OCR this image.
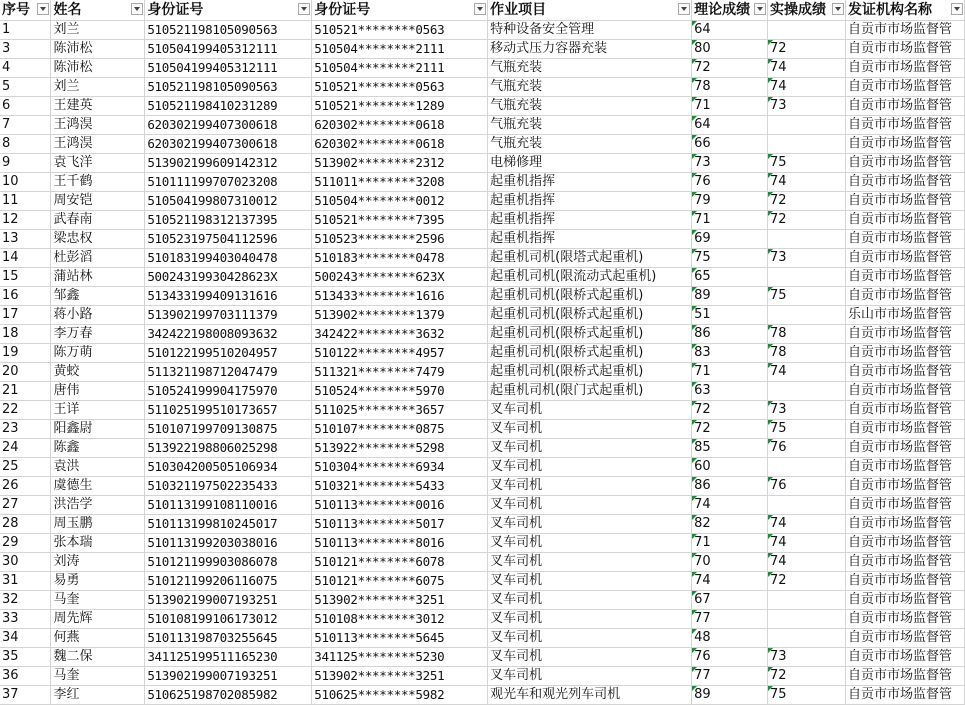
序号	姓名	身份证号	身份证号	作业项目	理论成绩	实操成绩	发证机构名称

1	刘兰	510521198105090563	510521********0563	特种设备安全管理	64		自贡市市场监督管
3	陈沛松	510504199405312111	510504********2111	移动式压力容器充装	80	72	自贡市市场监督管
4	陈沛松	510504199405312111	510504********2111	气瓶充装	72	74	自贡市市场监督管
5	刘兰	510521198105090563	510521********0563	气瓶充装	78	74	自贡市市场监督管
6	王建英	510521198410231289	510521********1289	气瓶充装	71	73	自贡市市场监督管
7	王鸿淏	620302199407300618	620302********0618	气瓶充装	64		自贡市市场监督管
8	王鸿淏	620302199407300618	620302********0618	气瓶充装	66		自贡市市场监督管
9	袁飞洋	513902199609142312	513902********2312	电梯修理	73	75	自贡市市场监督管
10	王千鹤	510111199707023208	511011********3208	起重机指挥	76	74	自贡市市场监督管
11	周安铠	510504199807310012	510504********0012	起重机指挥	79	72	自贡市市场监督管
12	武春南	510521198312137395	510521********7395	起重机指挥	71	72	自贡市市场监督管
13	梁忠权	510523197504112596	510523********2596	起重机指挥	69		自贡市市场监督管
14	杜彭滔	510183199403040478	510183********0478	起重机司机(限塔式起重机)	75	73	自贡市市场监督管
15	蒲站林	50024319930428623X	500243********623X	起重机司机(限流动式起重机)	65		自贡市市场监督管
16	邹鑫	513433199409131616	513433********1616	起重机司机(限桥式起重机)	89	75	自贡市市场监督管
17	蒋小路	513902199703111379	513902********1379	起重机司机(限桥式起重机)	51		乐山市市场监督管
18	李万春	342422198008093632	342422********3632	起重机司机(限桥式起重机)	86	78	自贡市市场监督管
19	陈万萌	510122199510204957	510122********4957	起重机司机(限桥式起重机)	83	78	自贡市市场监督管
20	黄蛟	511321198712047479	511321********7479	起重机司机(限桥式起重机)	71	74	自贡市市场监督管
21	唐伟	510524199904175970	510524********5970	起重机司机(限门式起重机)	63		自贡市市场监督管
22	王详	511025199510173657	511025********3657	叉车司机	72	73	自贡市市场监督管
23	阳鑫尉	510107199709130875	510107********0875	叉车司机	72	75	自贡市市场监督管
24	陈鑫	513922198806025298	513922********5298	叉车司机	85	76	自贡市市场监督管
25	袁洪	510304200505106934	510304********6934	叉车司机	60		自贡市市场监督管
26	虞德生	510321197502235433	510321********5433	叉车司机	86	76	自贡市市场监督管
27	洪浩学	510113199108110016	510113********0016	叉车司机	74		自贡市市场监督管
28	周玉鹏	510113199810245017	510113********5017	叉车司机	82	74	自贡市市场监督管
29	张本瑞	510113199203038016	510113********8016	叉车司机	71	74	自贡市市场监督管
30	刘涛	510121199903086078	510121********6078	叉车司机	70	74	自贡市市场监督管
31	易勇	510121199206116075	510121********6075	叉车司机	74	72	自贡市市场监督管
32	马奎	513902199007193251	513902********3251	叉车司机	67		自贡市市场监督管
33	周先辉	510108199106173012	510108********3012	叉车司机	77		自贡市市场监督管
34	何燕	510113198703255645	510113********5645	叉车司机	48		自贡市市场监督管
35	魏二保	341125199511165230	341125********5230	叉车司机	76	73	自贡市市场监督管
36	马奎	513902199007193251	513902********3251	叉车司机	77	72	自贡市市场监督管
37	李红	510625198702085982	510625********5982	观光车和观光列车司机	89	75	自贡市市场监督管
